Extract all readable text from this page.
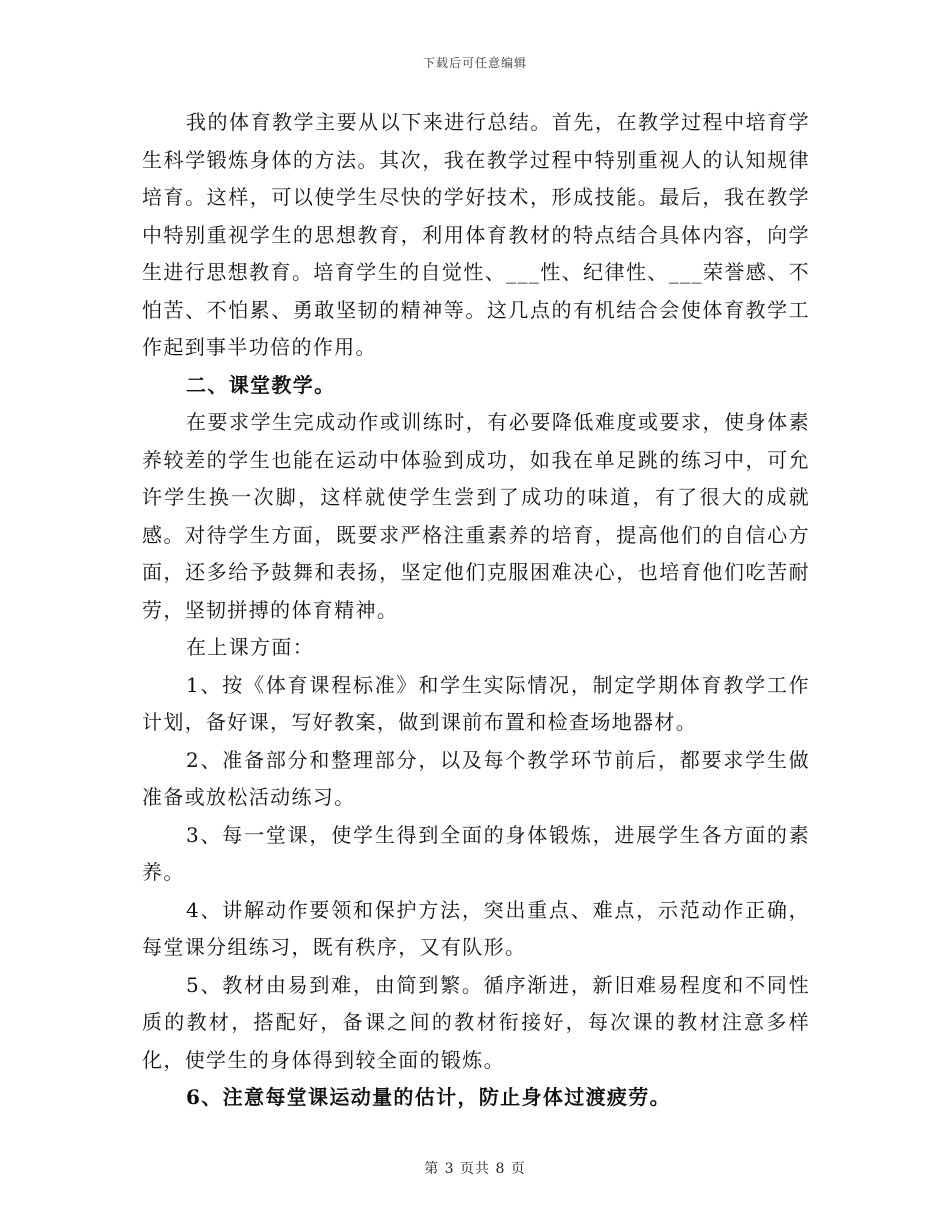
下载后可任意编辑

我的体育教学主要从以下来进行总结。首先，在教学过程中培育学生科学锻炼身体的方法。其次，我在教学过程中特别重视人的认知规律培育。这样，可以使学生尽快的学好技术，形成技能。最后，我在教学中特别重视学生的思想教育，利用体育教材的特点结合具体内容，向学生进行思想教育。培育学生的自觉性、___性、纪律性、___荣誉感、不怕苦、不怕累、勇敢坚韧的精神等。这几点的有机结合会使体育教学工作起到事半功倍的作用。

二、课堂教学。

在要求学生完成动作或训练时，有必要降低难度或要求，使身体素养较差的学生也能在运动中体验到成功，如我在单足跳的练习中，可允许学生换一次脚，这样就使学生尝到了成功的味道，有了很大的成就感。对待学生方面，既要求严格注重素养的培育，提高他们的自信心方面，还多给予鼓舞和表扬，坚定他们克服困难决心，也培育他们吃苦耐劳，坚韧拼搏的体育精神。

在上课方面：

1、按《体育课程标准》和学生实际情况，制定学期体育教学工作计划，备好课，写好教案，做到课前布置和检查场地器材。

2、准备部分和整理部分，以及每个教学环节前后，都要求学生做准备或放松活动练习。

3、每一堂课，使学生得到全面的身体锻炼，进展学生各方面的素养。

4、讲解动作要领和保护方法，突出重点、难点，示范动作正确，每堂课分组练习，既有秩序，又有队形。

5、教材由易到难，由简到繁。循序渐进，新旧难易程度和不同性质的教材，搭配好，备课之间的教材衔接好，每次课的教材注意多样化，使学生的身体得到较全面的锻炼。

6、注意每堂课运动量的估计，防止身体过渡疲劳。

第 3 页共 8 页
